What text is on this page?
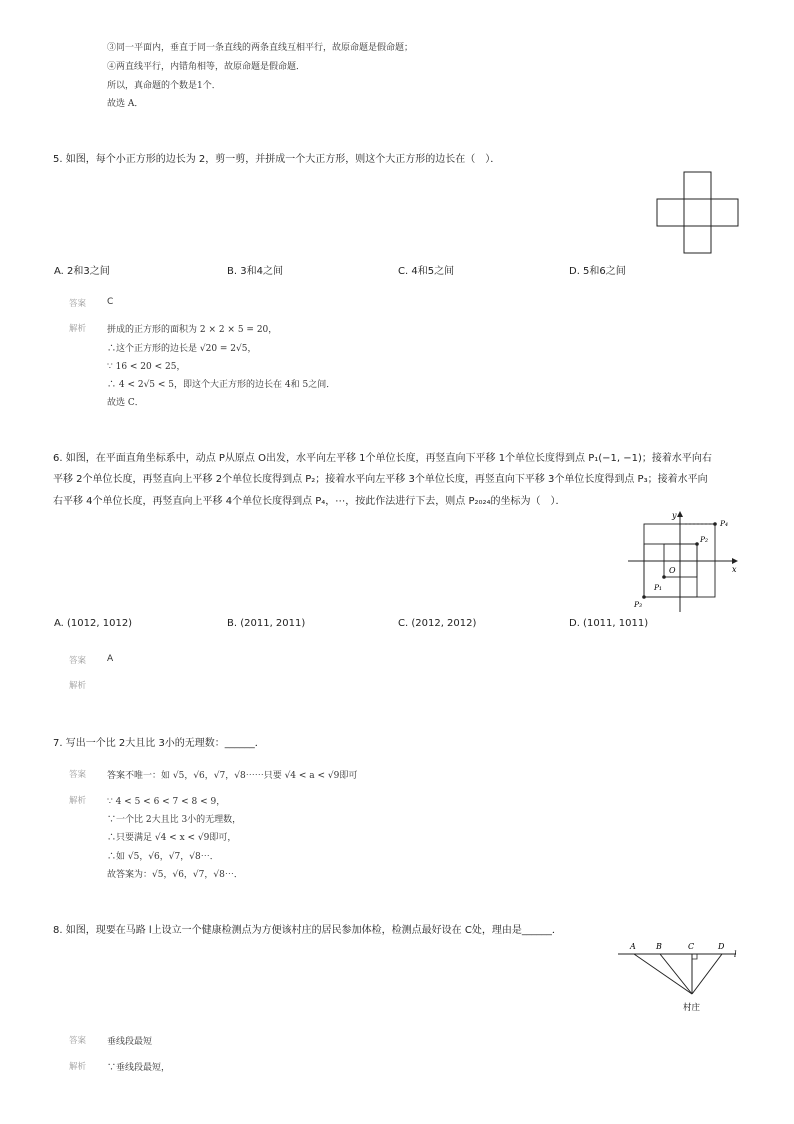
③同一平面内，垂直于同一条直线的两条直线互相平行，故原命题是假命题；
④两直线平行，内错角相等，故原命题是假命题．
所以，真命题的个数是1个．
故选 A．
5. 如图，每个小正方形的边长为 2，剪一剪，并拼成一个大正方形，则这个大正方形的边长在（　）．
A. 2和3之间	B. 3和4之间	C. 4和5之间	D. 5和6之间
答案 C
解析 拼成的正方形的面积为 2 × 2 × 5 = 20，
∴这个正方形的边长是 √20 = 2√5，
∵ 16 < 20 < 25，
∴ 4 < 2√5 < 5，即这个大正方形的边长在 4和 5之间．
故选 C．
6. 如图，在平面直角坐标系中，动点 P从原点 O出发，水平向左平移 1个单位长度，再竖直向下平移 1个单位长度得到点 P₁(−1, −1)；接着水平向右
平移 2个单位长度，再竖直向上平移 2个单位长度得到点 P₂；接着水平向左平移 3个单位长度，再竖直向下平移 3个单位长度得到点 P₃；接着水平向
右平移 4个单位长度，再竖直向上平移 4个单位长度得到点 P₄，⋯，按此作法进行下去，则点 P₂₀₂₄的坐标为（　）．
x
y
O
P₁
P₂
P₃
P₄
A. (1012, 1012)	B. (2011, 2011)	C. (2012, 2012)	D. (1011, 1011)
答案 A
解析
7. 写出一个比 2大且比 3小的无理数：______．
答案 答案不唯一：如 √5，√6，√7，√8⋯⋯只要 √4 < a < √9即可
解析 ∵ 4 < 5 < 6 < 7 < 8 < 9，
∵一个比 2大且比 3小的无理数，
∴只要满足 √4 < x < √9即可，
∴如 √5，√6，√7，√8⋯．
故答案为：√5，√6，√7，√8⋯．
8. 如图，现要在马路 l上设立一个健康检测点为方便该村庄的居民参加体检，检测点最好设在 C处，理由是______．
A	B	C	D
l
村庄
答案 垂线段最短
解析 ∵垂线段最短，
